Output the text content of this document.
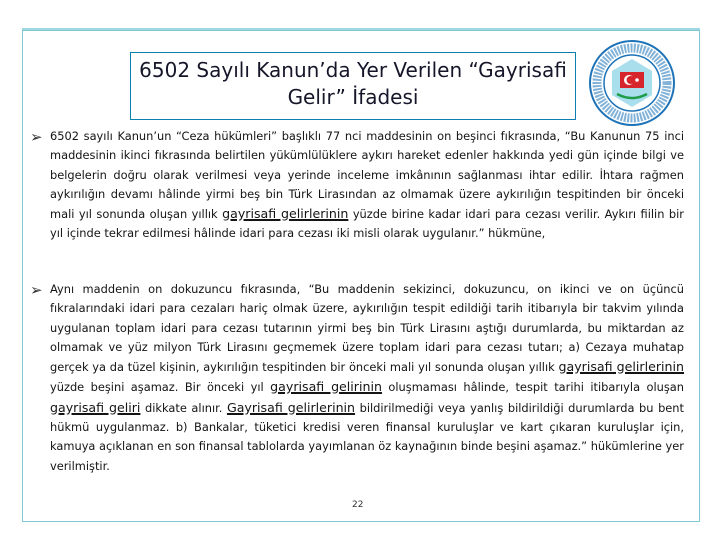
6502 Sayılı Kanun’da Yer Verilen “Gayrisafi Gelir” İfadesi
➢ 6502 sayılı Kanun’un “Ceza hükümleri” başlıklı 77 nci maddesinin on beşinci fıkrasında, “Bu Kanunun 75 inci maddesinin ikinci fıkrasında belirtilen yükümlülüklere aykırı hareket edenler hakkında yedi gün içinde bilgi ve belgelerin doğru olarak verilmesi veya yerinde inceleme imkânının sağlanması ihtar edilir. İhtara rağmen aykırılığın devamı hâlinde yirmi beş bin Türk Lirasından az olmamak üzere aykırılığın tespitinden bir önceki mali yıl sonunda oluşan yıllık gayrisafi gelirlerinin yüzde birine kadar idari para cezası verilir. Aykırı fiilin bir yıl içinde tekrar edilmesi hâlinde idari para cezası iki misli olarak uygulanır.” hükmüne,
➢ Aynı maddenin on dokuzuncu fıkrasında, “Bu maddenin sekizinci, dokuzuncu, on ikinci ve on üçüncü fıkralarındaki idari para cezaları hariç olmak üzere, aykırılığın tespit edildiği tarih itibarıyla bir takvim yılında uygulanan toplam idari para cezası tutarının yirmi beş bin Türk Lirasını aştığı durumlarda, bu miktardan az olmamak ve yüz milyon Türk Lirasını geçmemek üzere toplam idari para cezası tutarı; a) Cezaya muhatap gerçek ya da tüzel kişinin, aykırılığın tespitinden bir önceki mali yıl sonunda oluşan yıllık gayrisafi gelirlerinin yüzde beşini aşamaz. Bir önceki yıl gayrisafi gelirinin oluşmaması hâlinde, tespit tarihi itibarıyla oluşan gayrisafi geliri dikkate alınır. Gayrisafi gelirlerinin bildirilmediği veya yanlış bildirildiği durumlarda bu bent hükmü uygulanmaz. b) Bankalar, tüketici kredisi veren finansal kuruluşlar ve kart çıkaran kuruluşlar için, kamuya açıklanan en son finansal tablolarda yayımlanan öz kaynağının binde beşini aşamaz.” hükümlerine yer verilmiştir.
22
